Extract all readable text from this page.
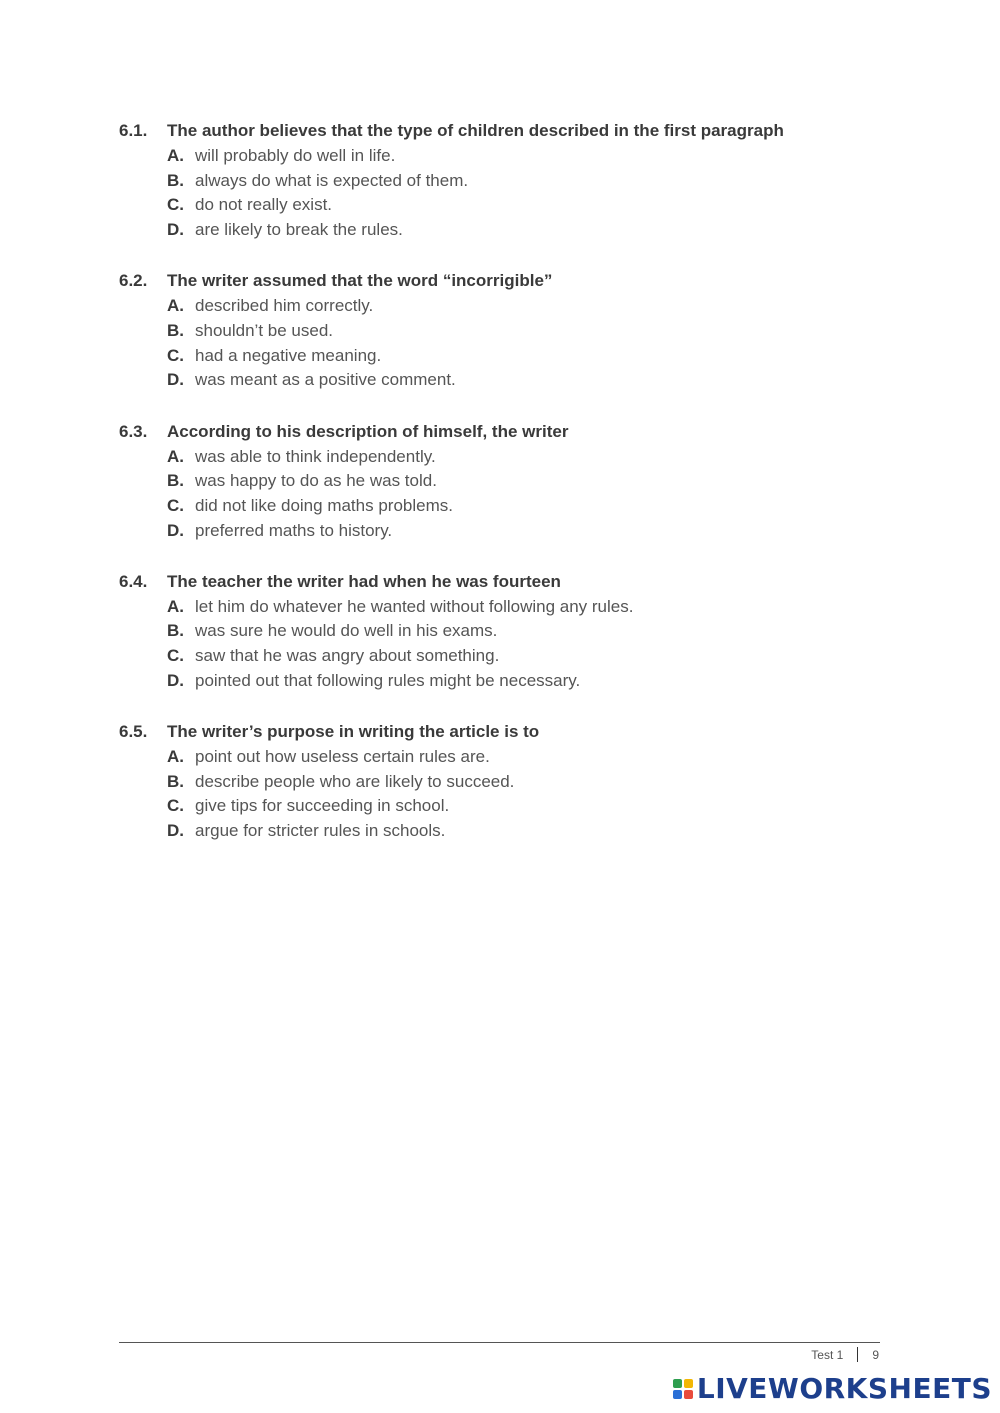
6.1.	The author believes that the type of children described in the first paragraph
A. will probably do well in life.
B. always do what is expected of them.
C. do not really exist.
D. are likely to break the rules.
6.2.	The writer assumed that the word “incorrigible”
A. described him correctly.
B. shouldn’t be used.
C. had a negative meaning.
D. was meant as a positive comment.
6.3.	According to his description of himself, the writer
A. was able to think independently.
B. was happy to do as he was told.
C. did not like doing maths problems.
D. preferred maths to history.
6.4.	The teacher the writer had when he was fourteen
A. let him do whatever he wanted without following any rules.
B. was sure he would do well in his exams.
C. saw that he was angry about something.
D. pointed out that following rules might be necessary.
6.5.	The writer’s purpose in writing the article is to
A. point out how useless certain rules are.
B. describe people who are likely to succeed.
C. give tips for succeeding in school.
D. argue for stricter rules in schools.
Test 1 9
LIVEWORKSHEETS
